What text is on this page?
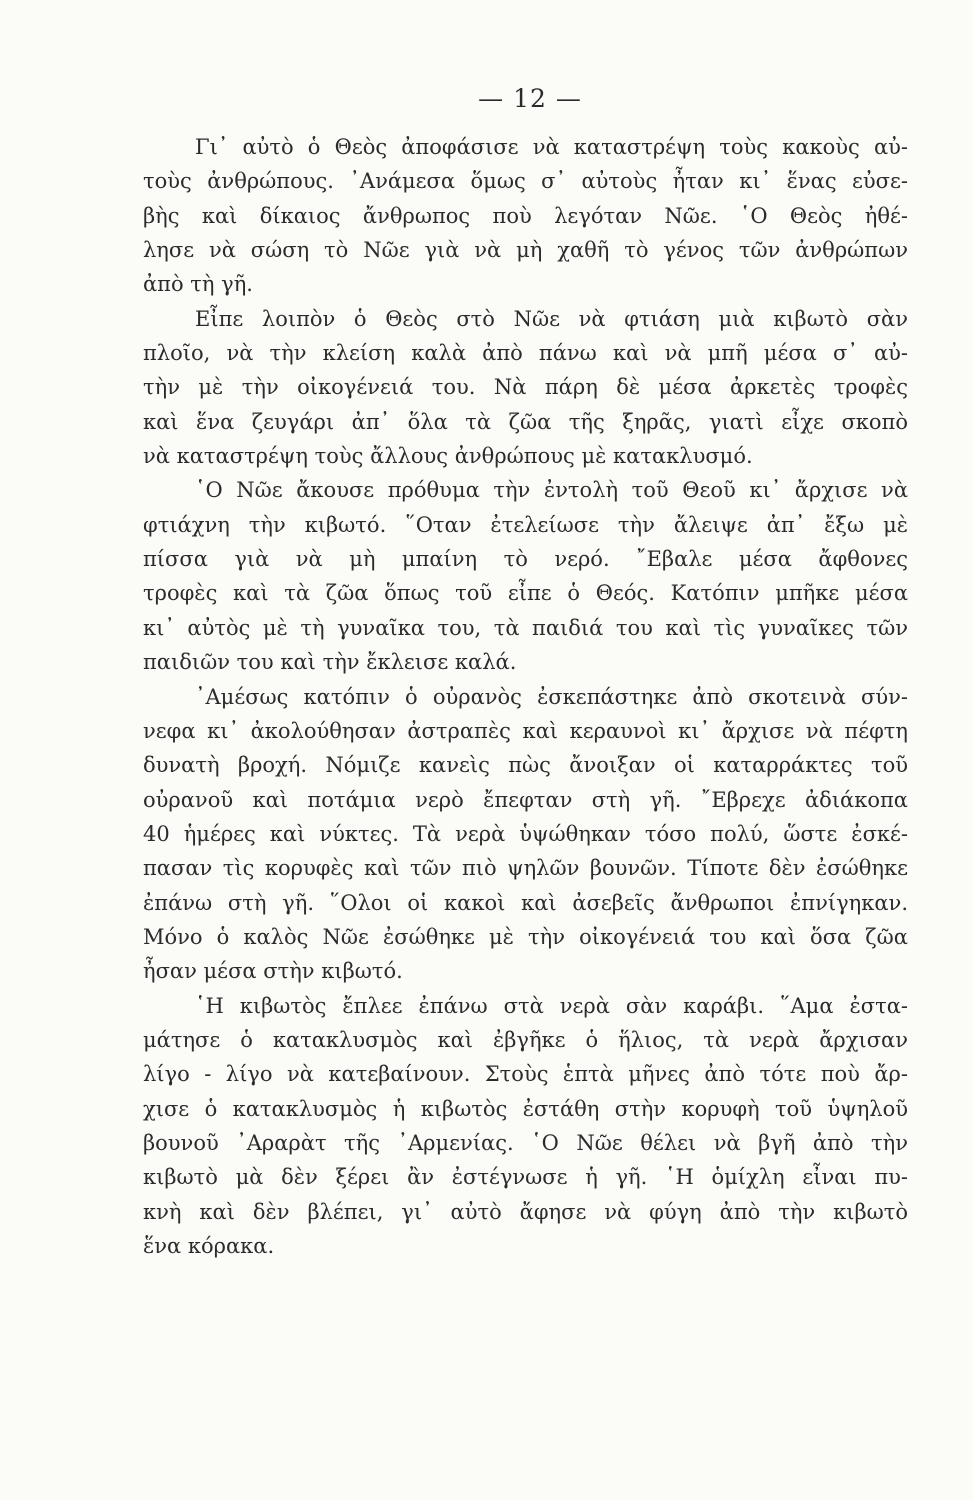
— 12 —
Γι᾽ αὐτὸ ὁ Θεὸς ἀποφάσισε νὰ καταστρέψη τοὺς κακοὺς αὐ-
τοὺς ἀνθρώπους. ᾽Ανάμεσα ὅμως σ᾽ αὐτοὺς ἦταν κι᾽ ἕνας εὐσε-
βὴς καὶ δίκαιος ἄνθρωπος ποὺ λεγόταν Νῶε. ῾Ο Θεὸς ἠθέ-
λησε νὰ σώση τὸ Νῶε γιὰ νὰ μὴ χαθῆ τὸ γένος τῶν ἀνθρώπων
ἀπὸ τὴ γῆ.
Εἶπε λοιπὸν ὁ Θεὸς στὸ Νῶε νὰ φτιάση μιὰ κιβωτὸ σὰν
πλοῖο, νὰ τὴν κλείση καλὰ ἀπὸ πάνω καὶ νὰ μπῆ μέσα σ᾽ αὐ-
τὴν μὲ τὴν οἰκογένειά του. Νὰ πάρη δὲ μέσα ἀρκετὲς τροφὲς
καὶ ἕνα ζευγάρι ἀπ᾽ ὅλα τὰ ζῶα τῆς ξηρᾶς, γιατὶ εἶχε σκοπὸ
νὰ καταστρέψη τοὺς ἄλλους ἀνθρώπους μὲ κατακλυσμό.
῾Ο Νῶε ἄκουσε πρόθυμα τὴν ἐντολὴ τοῦ Θεοῦ κι᾽ ἄρχισε νὰ
φτιάχνη τὴν κιβωτό. ῞Οταν ἐτελείωσε τὴν ἄλειψε ἀπ᾽ ἔξω μὲ
πίσσα γιὰ νὰ μὴ μπαίνη τὸ νερό. ῎Εβαλε μέσα ἄφθονες
τροφὲς καὶ τὰ ζῶα ὅπως τοῦ εἶπε ὁ Θεός. Κατόπιν μπῆκε μέσα
κι᾽ αὐτὸς μὲ τὴ γυναῖκα του, τὰ παιδιά του καὶ τὶς γυναῖκες τῶν
παιδιῶν του καὶ τὴν ἔκλεισε καλά.
᾽Αμέσως κατόπιν ὁ οὐρανὸς ἐσκεπάστηκε ἀπὸ σκοτεινὰ σύν-
νεφα κι᾽ ἀκολούθησαν ἀστραπὲς καὶ κεραυνοὶ κι᾽ ἄρχισε νὰ πέφτη
δυνατὴ βροχή. Νόμιζε κανεὶς πὼς ἄνοιξαν οἱ καταρράκτες τοῦ
οὐρανοῦ καὶ ποτάμια νερὸ ἔπεφταν στὴ γῆ. ῎Εβρεχε ἀδιάκοπα
40 ἡμέρες καὶ νύκτες. Τὰ νερὰ ὑψώθηκαν τόσο πολύ, ὥστε ἐσκέ-
πασαν τὶς κορυφὲς καὶ τῶν πιὸ ψηλῶν βουνῶν. Τίποτε δὲν ἐσώθηκε
ἐπάνω στὴ γῆ. ῞Ολοι οἱ κακοὶ καὶ ἀσεβεῖς ἄνθρωποι ἐπνίγηκαν.
Μόνο ὁ καλὸς Νῶε ἐσώθηκε μὲ τὴν οἰκογένειά του καὶ ὅσα ζῶα
ἦσαν μέσα στὴν κιβωτό.
῾Η κιβωτὸς ἔπλεε ἐπάνω στὰ νερὰ σὰν καράβι. ῞Αμα ἐστα-
μάτησε ὁ κατακλυσμὸς καὶ ἐβγῆκε ὁ ἥλιος, τὰ νερὰ ἄρχισαν
λίγο - λίγο νὰ κατεβαίνουν. Στοὺς ἑπτὰ μῆνες ἀπὸ τότε ποὺ ἄρ-
χισε ὁ κατακλυσμὸς ἡ κιβωτὸς ἐστάθη στὴν κορυφὴ τοῦ ὑψηλοῦ
βουνοῦ ᾽Αραρὰτ τῆς ᾽Αρμενίας. ῾Ο Νῶε θέλει νὰ βγῆ ἀπὸ τὴν
κιβωτὸ μὰ δὲν ξέρει ἂν ἐστέγνωσε ἡ γῆ. ῾Η ὁμίχλη εἶναι πυ-
κνὴ καὶ δὲν βλέπει, γι᾽ αὐτὸ ἄφησε νὰ φύγη ἀπὸ τὴν κιβωτὸ
ἕνα κόρακα.
